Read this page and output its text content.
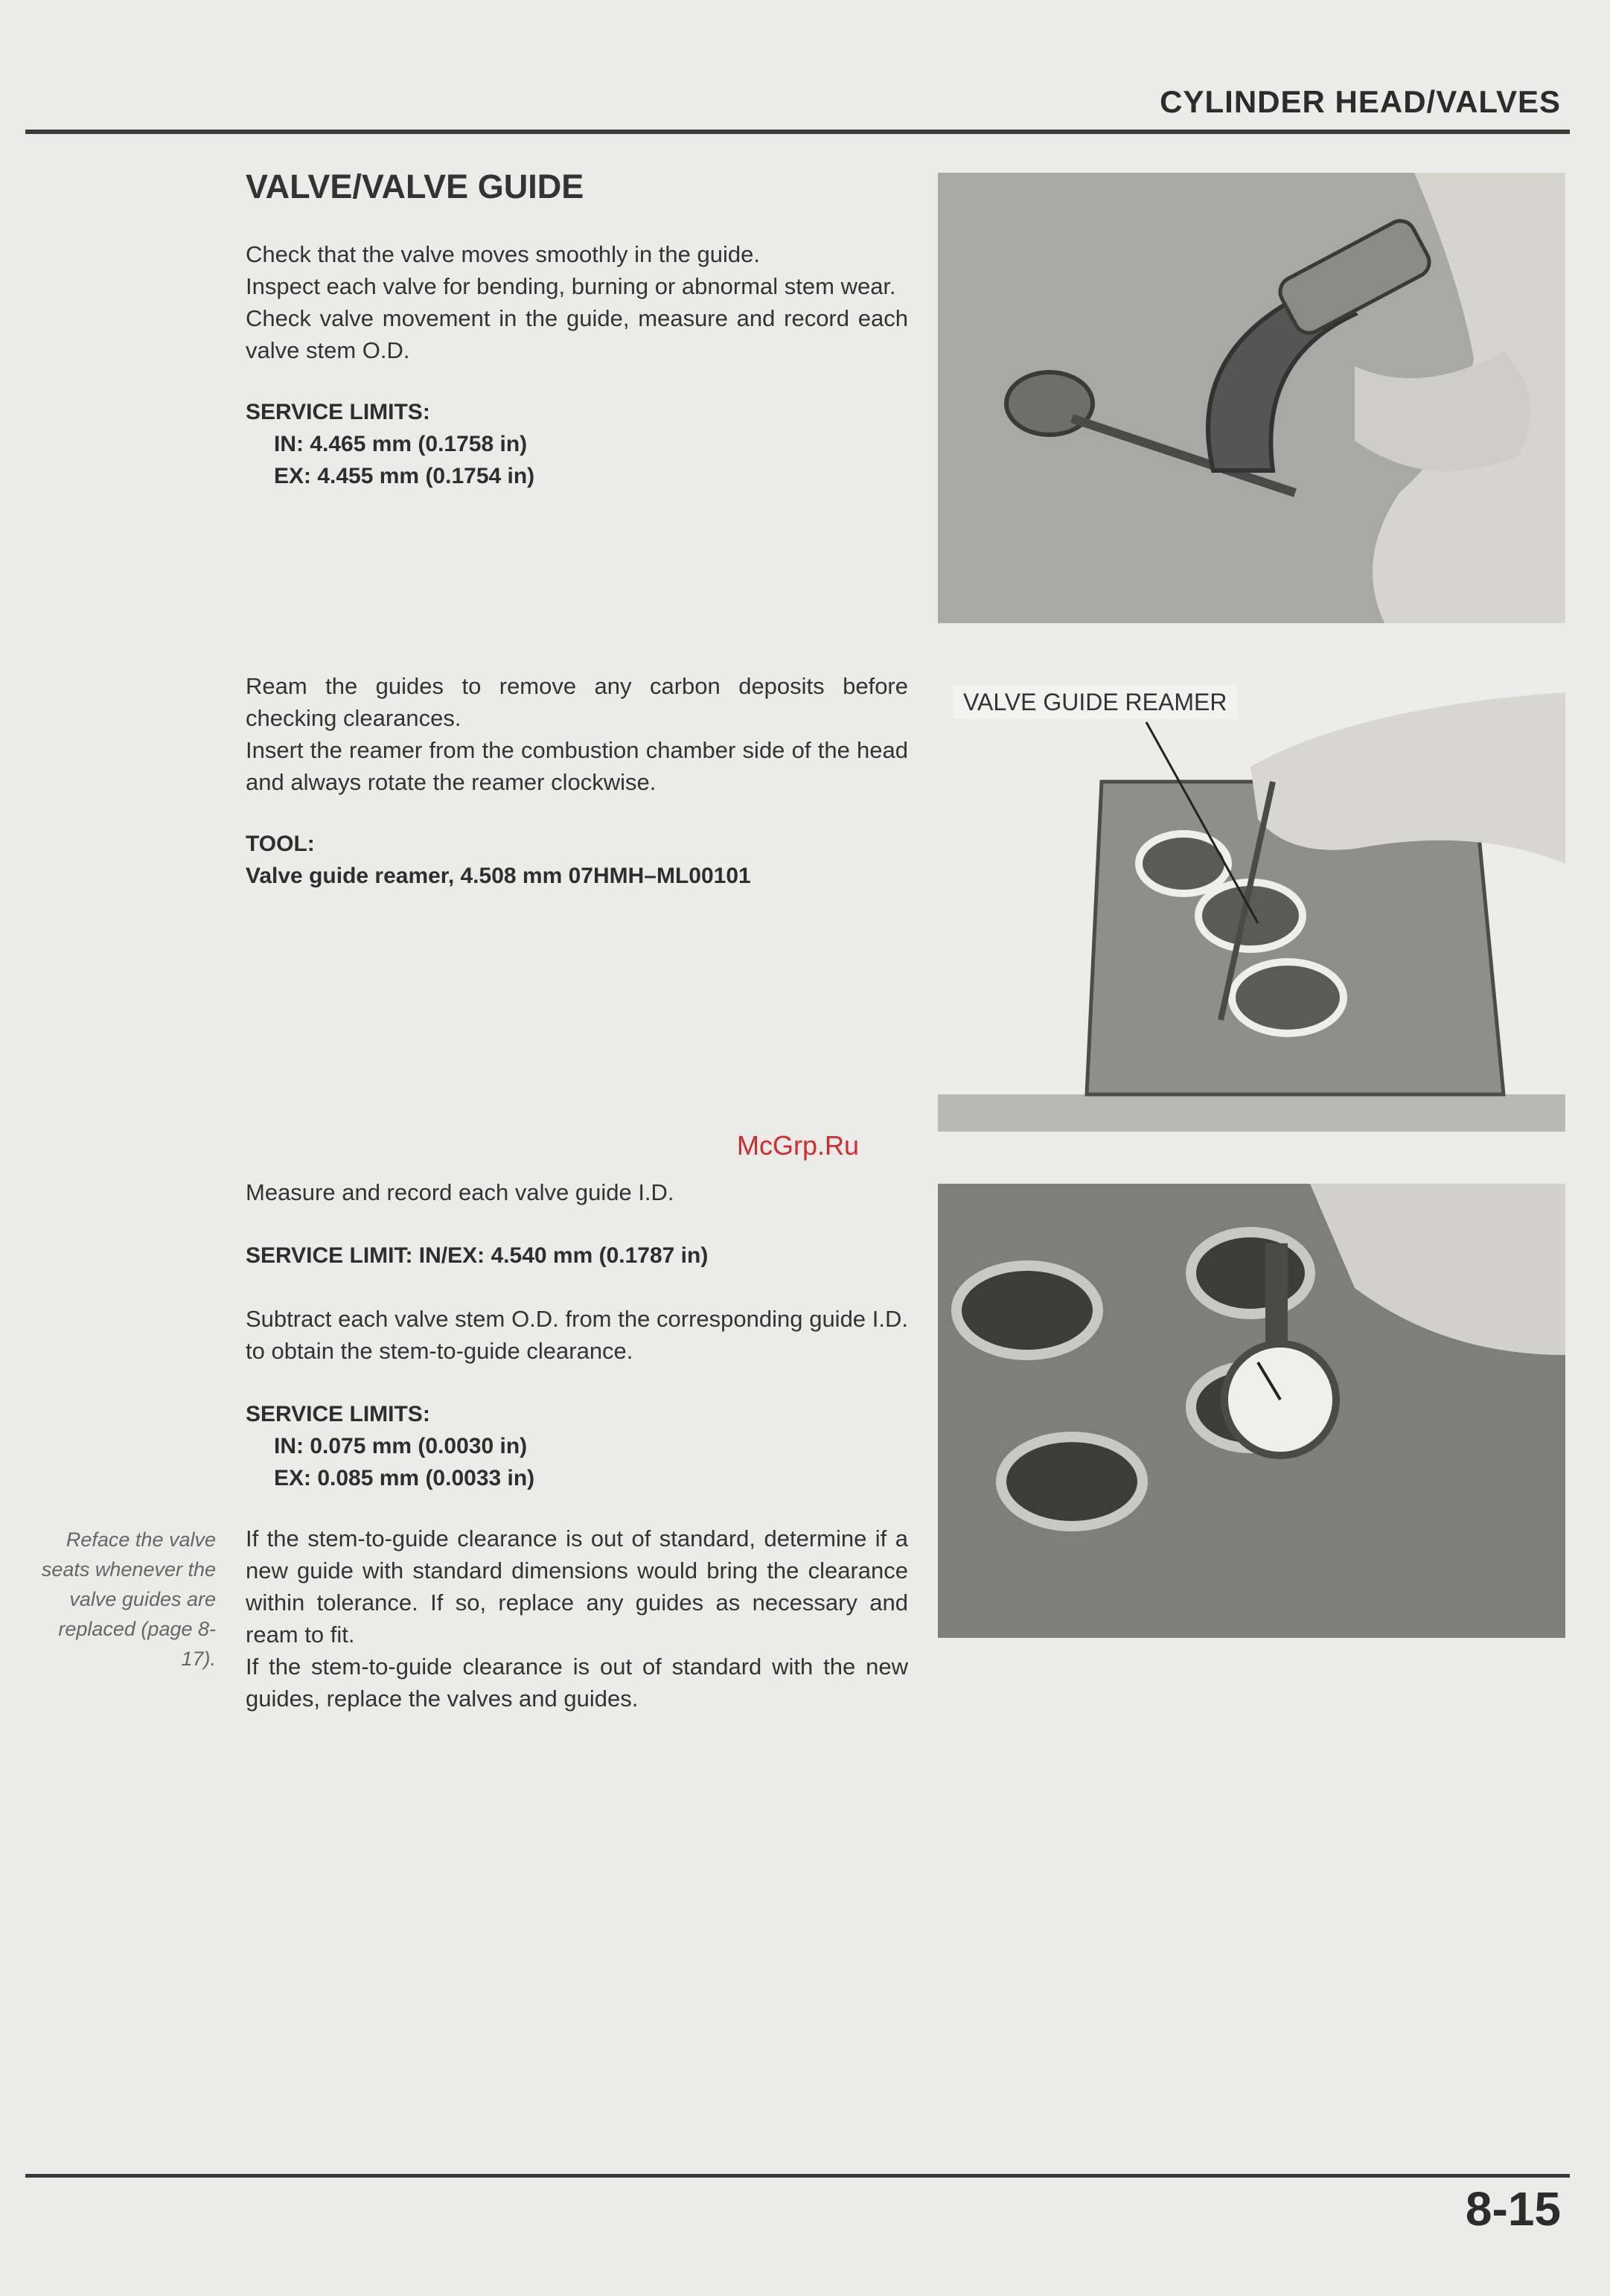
CYLINDER HEAD/VALVES
VALVE/VALVE GUIDE

Check that the valve moves smoothly in the guide.

Inspect each valve for bending, burning or abnormal stem wear.

Check valve movement in the guide, measure and record each valve stem O.D.

SERVICE LIMITS:
IN: 4.465 mm (0.1758 in)
EX: 4.455 mm (0.1754 in)

Ream the guides to remove any carbon deposits before checking clearances.

Insert the reamer from the combustion chamber side of the head and always rotate the reamer clockwise.

TOOL:
Valve guide reamer, 4.508 mm 07HMH–ML00101
VALVE GUIDE REAMER
McGrp.Ru

Measure and record each valve guide I.D.

SERVICE LIMIT: IN/EX: 4.540 mm (0.1787 in)

Subtract each valve stem O.D. from the corresponding guide I.D. to obtain the stem-to-guide clearance.

SERVICE LIMITS:
IN: 0.075 mm (0.0030 in)
EX: 0.085 mm (0.0033 in)

If the stem-to-guide clearance is out of standard, determine if a new guide with standard dimensions would bring the clearance within tolerance. If so, replace any guides as necessary and ream to fit.

If the stem-to-guide clearance is out of standard with the new guides, replace the valves and guides.

Reface the valve seats whenever the valve guides are replaced (page 8-17).
8-15
